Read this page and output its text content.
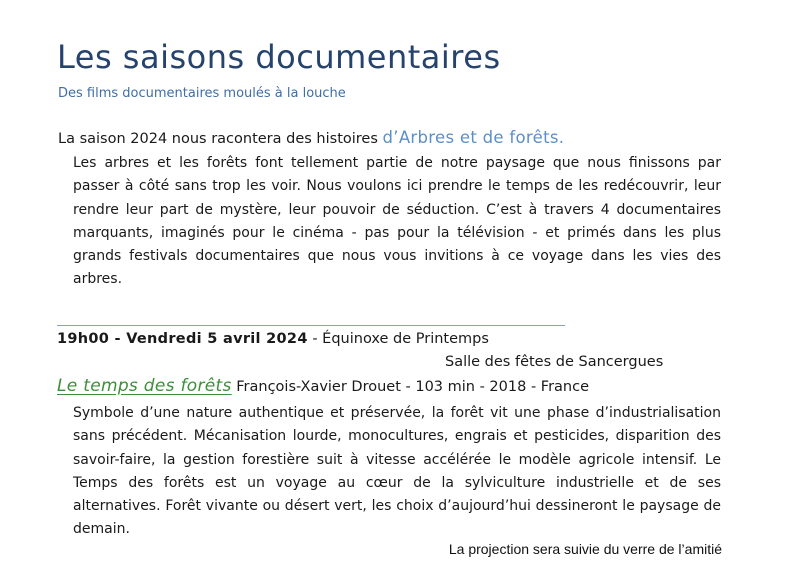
Les saisons documentaires

Des films documentaires moulés à la louche

La saison 2024 nous racontera des histoires d’Arbres et de forêts.

Les arbres et les forêts font tellement partie de notre paysage que nous finissons par passer à côté sans trop les voir. Nous voulons ici prendre le temps de les redécouvrir, leur rendre leur part de mystère, leur pouvoir de séduction. C’est à travers 4 documentaires marquants, imaginés pour le cinéma - pas pour la télévision - et primés dans les plus grands festivals documentaires que nous vous invitions à ce voyage dans les vies des arbres.

19h00 - Vendredi 5 avril 2024 - Équinoxe de Printemps

Salle des fêtes de Sancergues

Le temps des forêts François-Xavier Drouet - 103 min - 2018 - France

Symbole d’une nature authentique et préservée, la forêt vit une phase d’industrialisation sans précédent. Mécanisation lourde, monocultures, engrais et pesticides, disparition des savoir-faire, la gestion forestière suit à vitesse accélérée le modèle agricole intensif. Le Temps des forêts est un voyage au cœur de la sylviculture industrielle et de ses alternatives. Forêt vivante ou désert vert, les choix d’aujourd’hui dessineront le paysage de demain.

La projection sera suivie du verre de l’amitié
